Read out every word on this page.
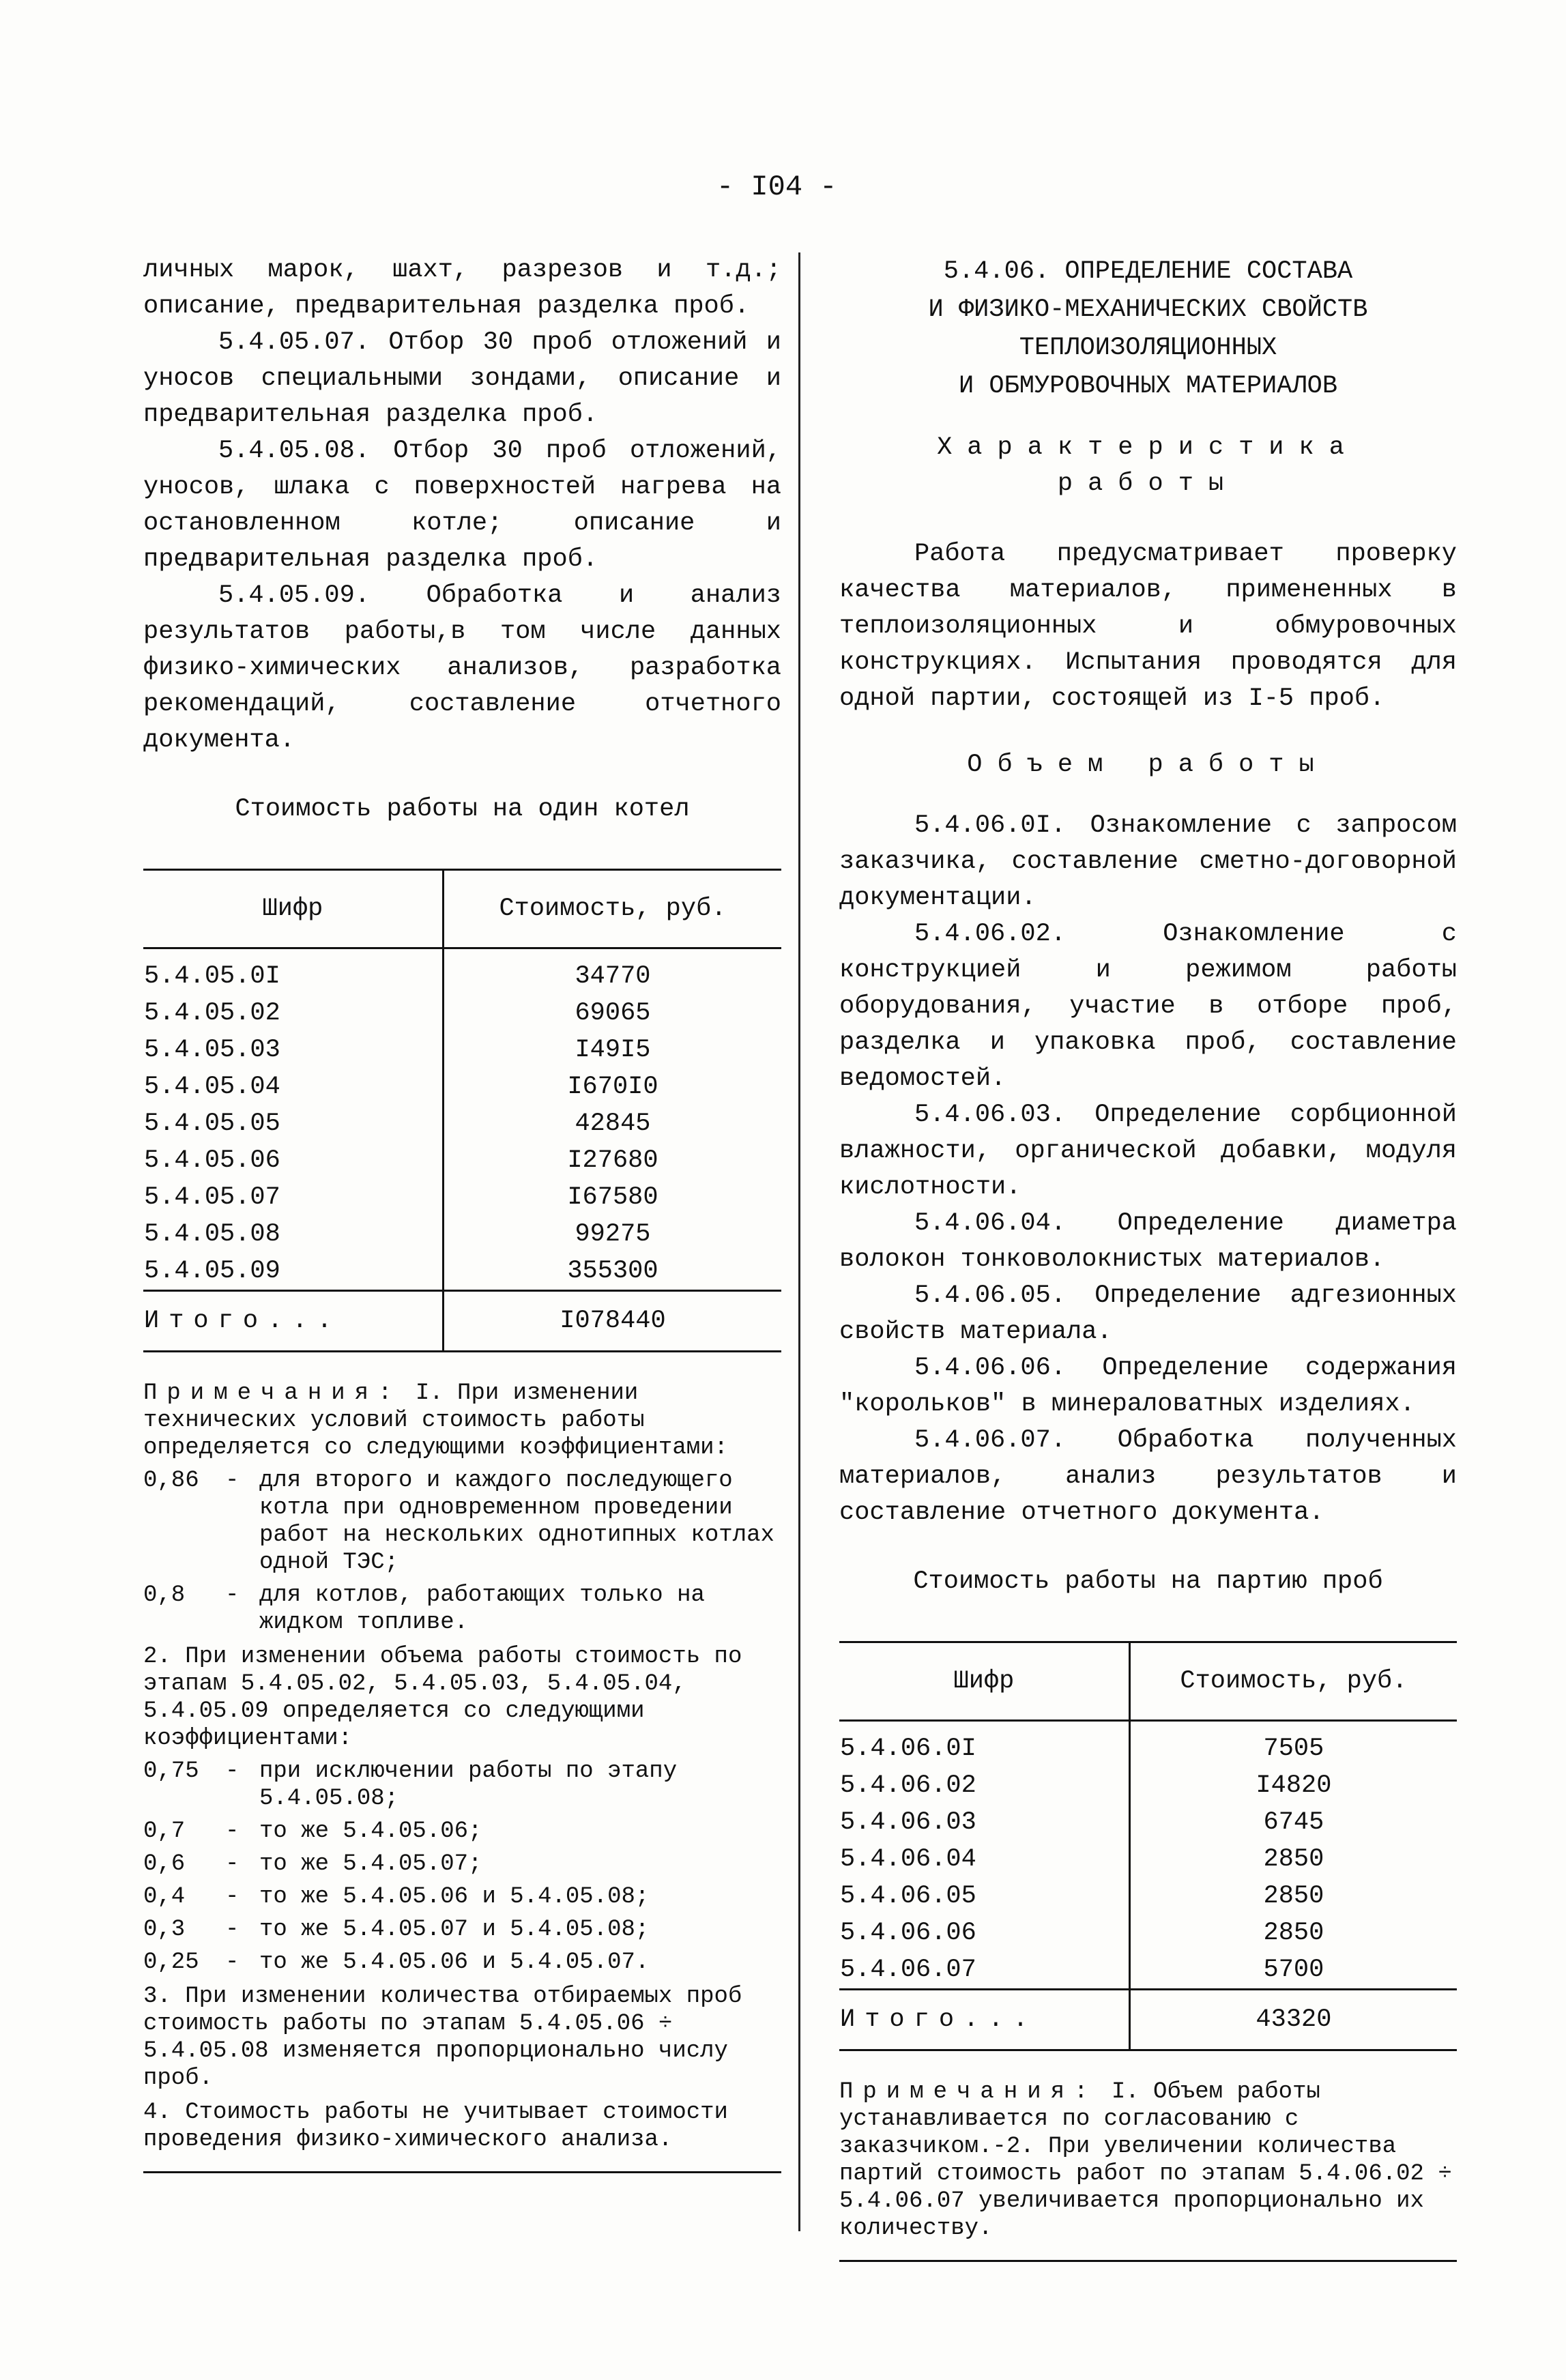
- I04 -

личных марок, шахт, разрезов и т.д.; описание, предварительная разделка проб.

5.4.05.07. Отбор 30 проб отложений и уносов специальными зондами, описание и предварительная разделка проб.

5.4.05.08. Отбор 30 проб отложений, уносов, шлака с поверхностей нагрева на остановленном котле; описание и предварительная разделка проб.

5.4.05.09. Обработка и анализ результатов работы,в том числе данных физико-химических анализов, разработка рекомендаций, составление отчетного документа.

Стоимость работы на один котел
Шифр	Стоимость, руб.
5.4.05.0I	34770
5.4.05.02	69065
5.4.05.03	I49I5
5.4.05.04	I670I0
5.4.05.05	42845
5.4.05.06	I27680
5.4.05.07	I67580
5.4.05.08	99275
5.4.05.09	355300
Итого...	I078440
Примечания: I. При изменении технических условий стоимость работы определяется со следующими коэффициентами:
0,86	- для второго и каждого последующего котла при одновременном проведении работ на нескольких однотипных котлах одной ТЭС;
0,8	- для котлов, работающих только на жидком топливе.
2. При изменении объема работы стоимость по этапам 5.4.05.02, 5.4.05.03, 5.4.05.04, 5.4.05.09 определяется со следующими коэффициентами:
0,75	- при исключении работы по этапу 5.4.05.08;
0,7	- то же 5.4.05.06;
0,6	- то же 5.4.05.07;
0,4	- то же 5.4.05.06 и 5.4.05.08;
0,3	- то же 5.4.05.07 и 5.4.05.08;
0,25	- то же 5.4.05.06 и 5.4.05.07.
3. При изменении количества отбираемых проб стоимость работы по этапам 5.4.05.06 ÷ 5.4.05.08 изменяется пропорционально числу проб.
4. Стоимость работы не учитывает стоимости проведения физико-химического анализа.
5.4.06. ОПРЕДЕЛЕНИЕ СОСТАВА
И ФИЗИКО-МЕХАНИЧЕСКИХ СВОЙСТВ
ТЕПЛОИЗОЛЯЦИОННЫХ
И ОБМУРОВОЧНЫХ МАТЕРИАЛОВ
Характеристика
работы

Работа предусматривает проверку качества материалов, примененных в теплоизоляционных и обмуровочных конструкциях. Испытания проводятся для одной партии, состоящей из I-5 проб.

Объем работы

5.4.06.0I. Ознакомление с запросом заказчика, составление сметно-договорной документации.

5.4.06.02. Ознакомление с конструкцией и режимом работы оборудования, участие в отборе проб, разделка и упаковка проб, составление ведомостей.

5.4.06.03. Определение сорбционной влажности, органической добавки, модуля кислотности.

5.4.06.04. Определение диаметра волокон тонковолокнистых материалов.

5.4.06.05. Определение адгезионных свойств материала.

5.4.06.06. Определение содержания "корольков" в минераловатных изделиях.

5.4.06.07. Обработка полученных материалов, анализ результатов и составление отчетного документа.

Стоимость работы на партию проб
Шифр	Стоимость, руб.
5.4.06.0I	7505
5.4.06.02	I4820
5.4.06.03	6745
5.4.06.04	2850
5.4.06.05	2850
5.4.06.06	2850
5.4.06.07	5700
Итого...	43320
Примечания: I. Объем работы устанавливается по согласованию с заказчиком.-2. При увеличении количества партий стоимость работ по этапам 5.4.06.02 ÷ 5.4.06.07 увеличивается пропорционально их количеству.
